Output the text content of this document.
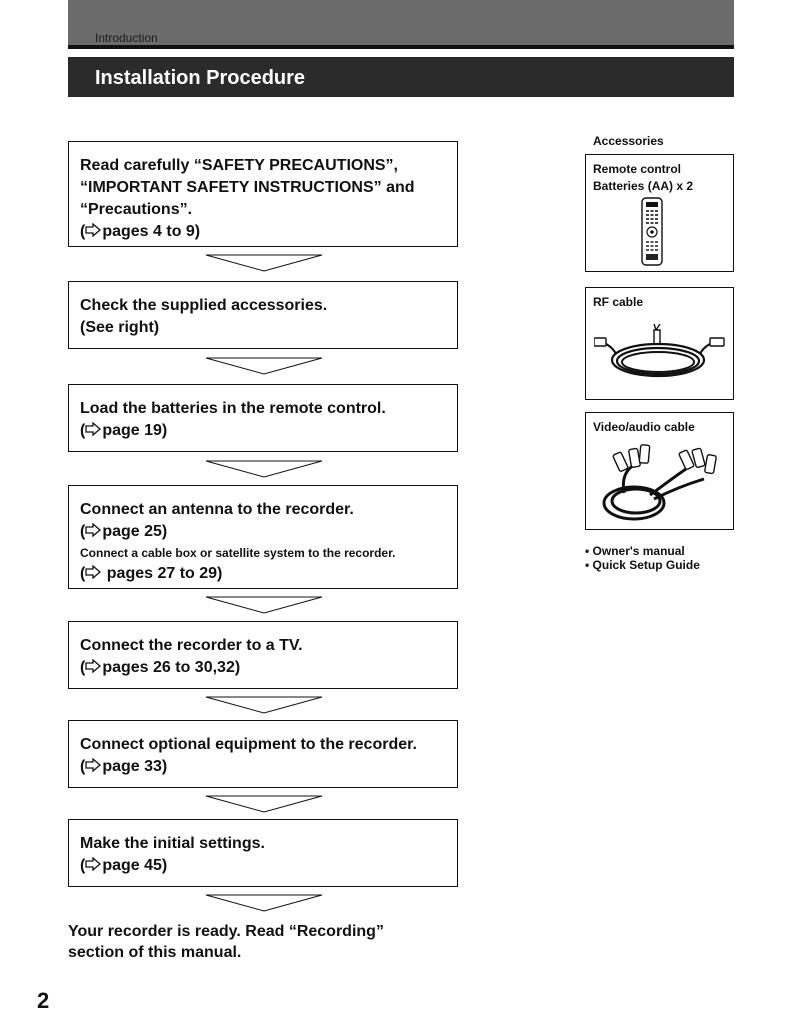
Introduction
Installation Procedure
Read carefully “SAFETY PRECAUTIONS”,
“IMPORTANT SAFETY INSTRUCTIONS” and
“Precautions”.
( pages 4 to 9)
Check the supplied accessories.
(See right)
Load the batteries in the remote control.
( page 19)
Connect an antenna to the recorder.
( page 25)
Connect a cable box or satellite system to the recorder.
( pages 27 to 29)
Connect the recorder to a TV.
( pages 26 to 30,32)
Connect optional equipment to the recorder.
( page 33)
Make the initial settings.
( page 45)
Your recorder is ready. Read “Recording”
section of this manual.
Accessories
Remote control
Batteries (AA) x 2
RF cable
Video/audio cable
• Owner's manual
• Quick Setup Guide
2
